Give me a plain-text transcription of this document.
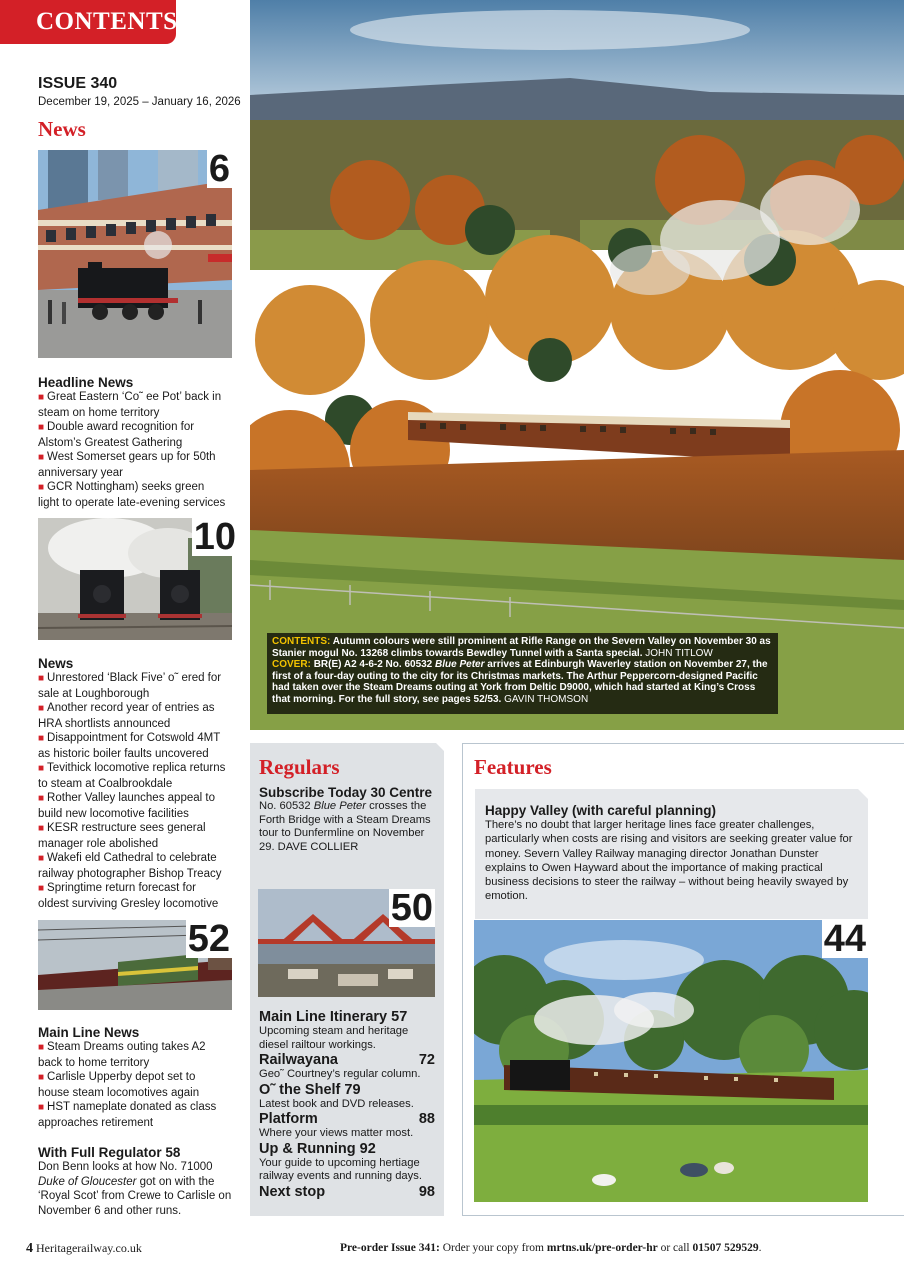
CONTENTS
ISSUE 340
December 19, 2025 – January 16, 2026
News
6
Headline News
■ Great Eastern ‘Co˜ ee Pot’ back in steam on home territory
■ Double award recognition for Alstom’s Greatest Gathering
■ West Somerset gears up for 50th anniversary year
■ GCR Nottingham) seeks green light to operate late-evening services
10
News
■ Unrestored ‘Black Five’ o˜ ered for sale at Loughborough
■ Another record year of entries as HRA shortlists announced
■ Disappointment for Cotswold 4MT as historic boiler faults uncovered
■ Tevithick locomotive replica returns to steam at Coalbrookdale
■ Rother Valley launches appeal to build new locomotive facilities
■ KESR restructure sees general manager role abolished
■ Wakefi eld Cathedral to celebrate railway photographer Bishop Treacy
■ Springtime return forecast for oldest surviving Gresley locomotive
52
Main Line News
■ Steam Dreams outing takes A2 back to home territory
■ Carlisle Upperby depot set to house steam locomotives again
■ HST nameplate donated as class approaches retirement
With Full Regulator 58
Don Benn looks at how No. 71000 Duke of Gloucester got on with the ‘Royal Scot’ from Crewe to Carlisle on November 6 and other runs.
CONTENTS: Autumn colours were still prominent at Rifle Range on the Severn Valley on November 30 as Stanier mogul No. 13268 climbs towards Bewdley Tunnel with a Santa special. JOHN TITLOW
COVER: BR(E) A2 4-6-2 No. 60532 Blue Peter arrives at Edinburgh Waverley station on November 27, the first of a four-day outing to the city for its Christmas markets. The Arthur Peppercorn-designed Pacific had taken over the Steam Dreams outing at York from Deltic D9000, which had started at King’s Cross that morning. For the full story, see pages 52/53. GAVIN THOMSON
Regulars
Subscribe Today 30 Centre
No. 60532 Blue Peter crosses the Forth Bridge with a Steam Dreams tour to Dunfermline on November 29. DAVE COLLIER
50
Main Line Itinerary 57
Upcoming steam and heritage diesel railtour workings.
Railwayana	72
Geo˜ Courtney’s regular column.
O˜ the Shelf 79
Latest book and DVD releases.
Platform	88
Where your views matter most.
Up & Running 92
Your guide to upcoming hertiage railway events and running days.
Next stop	98
Features
Happy Valley (with careful planning)
There’s no doubt that larger heritage lines face greater challenges, particularly when costs are rising and visitors are seeking greater value for money. Severn Valley Railway managing director Jonathan Dunster explains to Owen Hayward about the importance of making practical business decisions to steer the railway – without being heavily swayed by emotion.
44
4 Heritagerailway.co.uk	Pre-order Issue 341: Order your copy from mrtns.uk/pre-order-hr or call 01507 529529.
